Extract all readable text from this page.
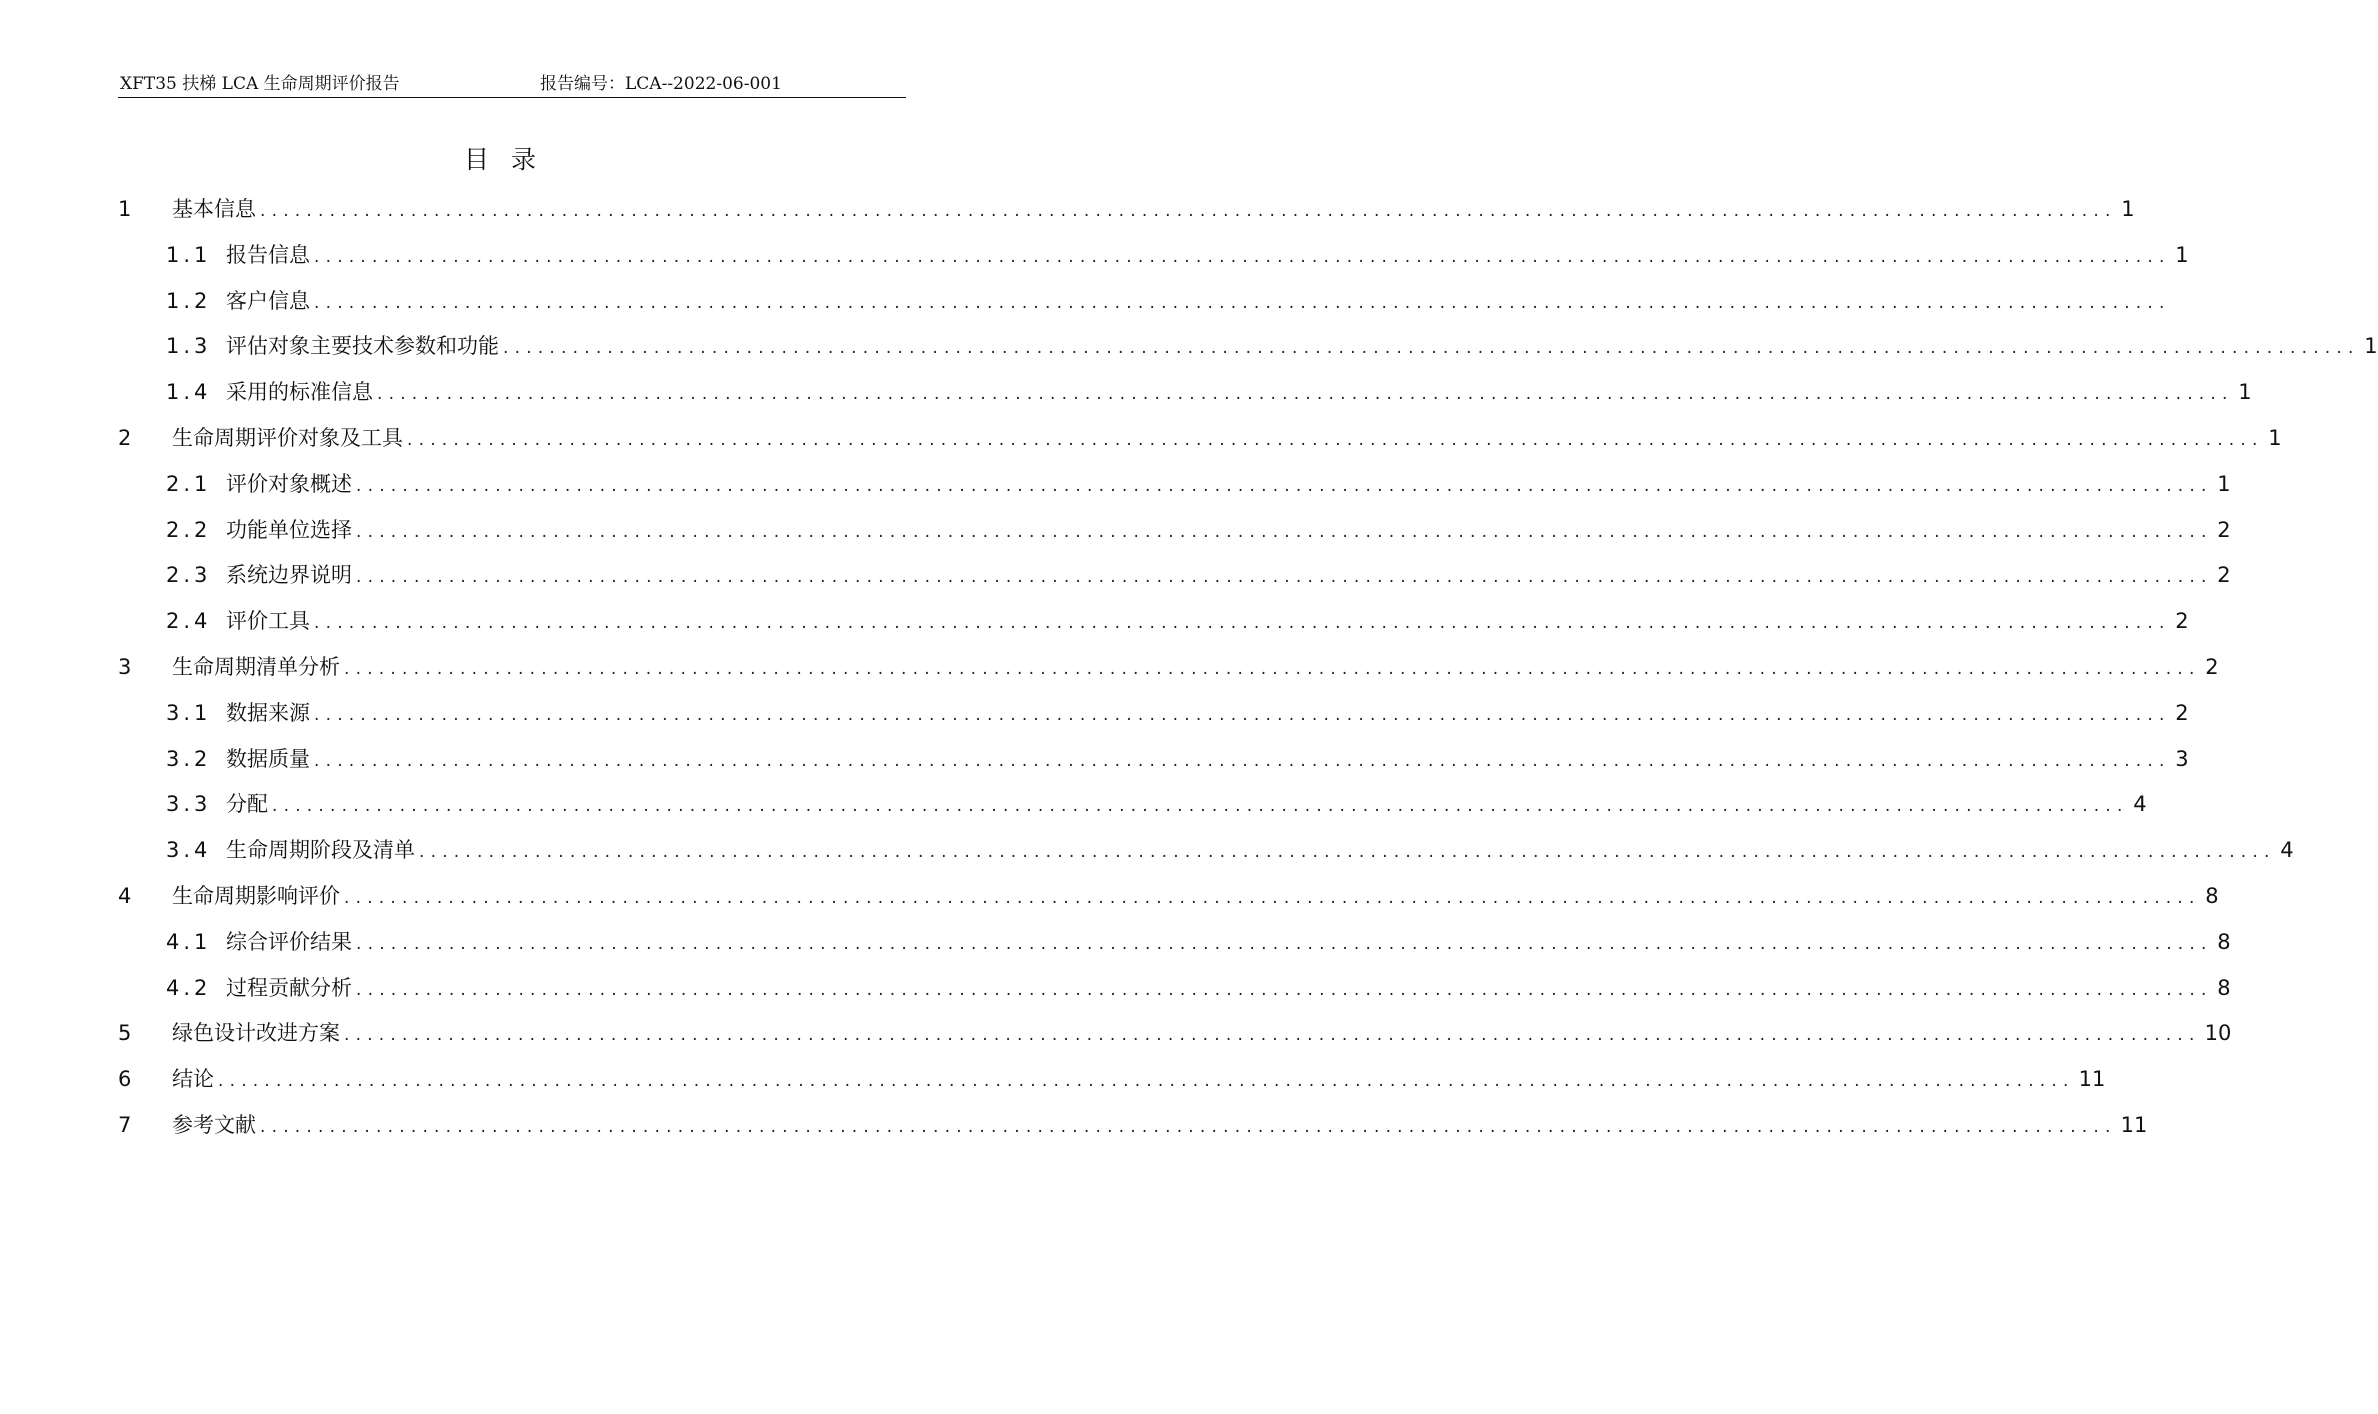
XFT35 扶梯 LCA 生命周期评价报告	报告编号：LCA--2022-06-001
目录
1 基本信息 ................................................................................................................................................................ 1
1.1 报告信息 ................................................................................................................................................................ 1
1.2 客户信息 ................................................................................................................................................................
1.3 评估对象主要技术参数和功能 ................................................................................................................................................................ 1
1.4 采用的标准信息 ................................................................................................................................................................ 1
2 生命周期评价对象及工具 ................................................................................................................................................................ 1
2.1 评价对象概述 ................................................................................................................................................................ 1
2.2 功能单位选择 ................................................................................................................................................................ 2
2.3 系统边界说明 ................................................................................................................................................................ 2
2.4 评价工具 ................................................................................................................................................................ 2
3 生命周期清单分析 ................................................................................................................................................................ 2
3.1 数据来源 ................................................................................................................................................................ 2
3.2 数据质量 ................................................................................................................................................................ 3
3.3 分配 ................................................................................................................................................................ 4
3.4 生命周期阶段及清单 ................................................................................................................................................................ 4
4 生命周期影响评价 ................................................................................................................................................................ 8
4.1 综合评价结果 ................................................................................................................................................................ 8
4.2 过程贡献分析 ................................................................................................................................................................ 8
5 绿色设计改进方案 ................................................................................................................................................................ 10
6 结论 ................................................................................................................................................................ 11
7 参考文献 ................................................................................................................................................................ 11
